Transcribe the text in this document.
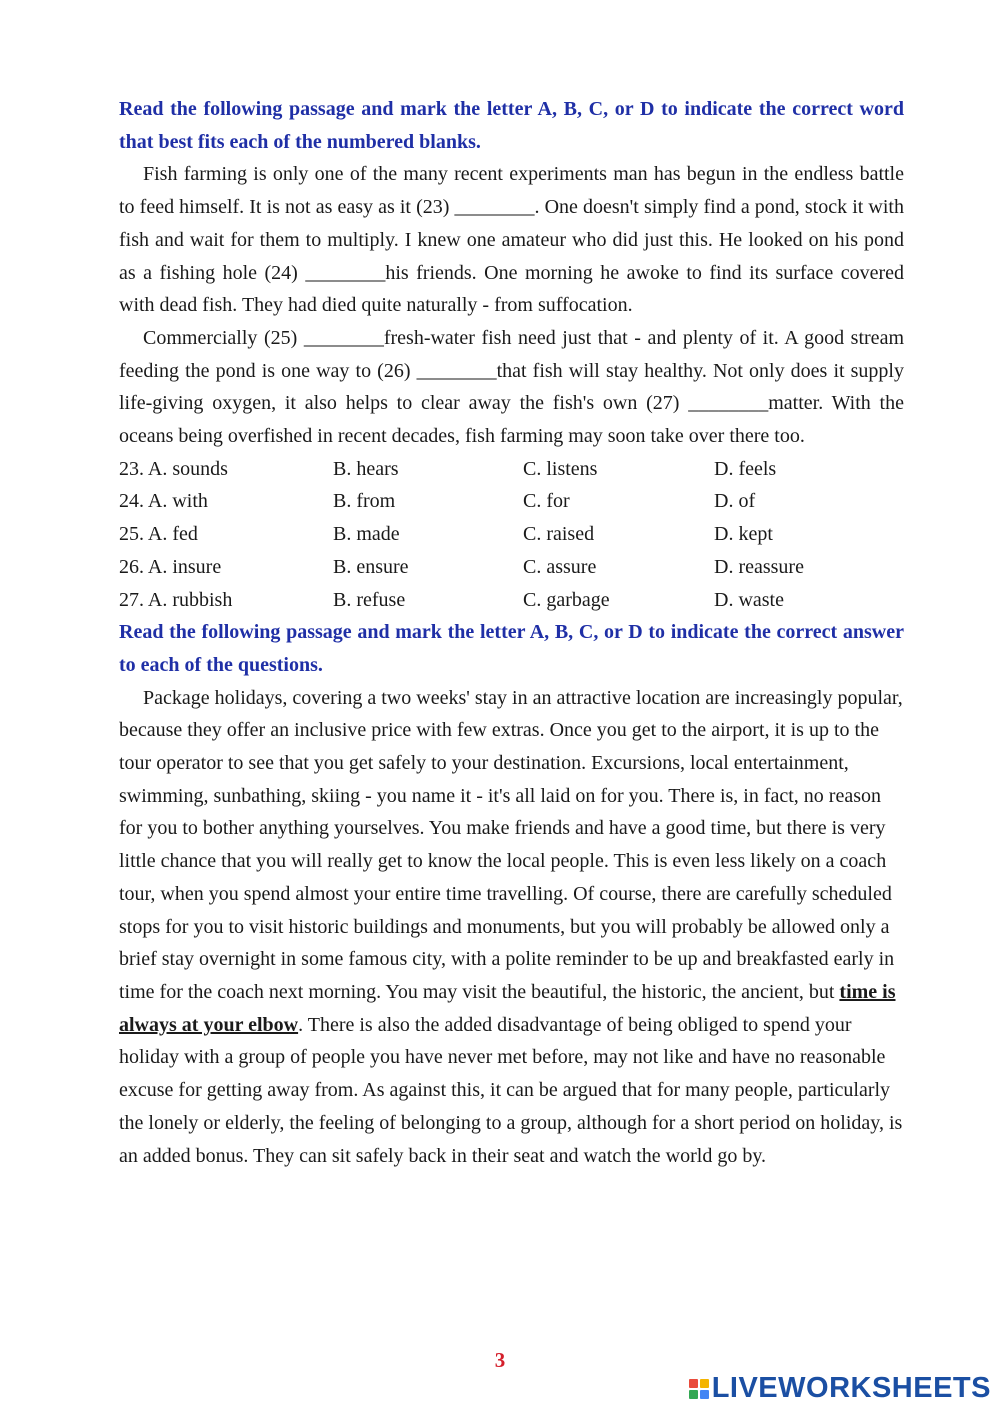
Read the following passage and mark the letter A, B, C, or D to indicate the correct word that best fits each of the numbered blanks.

Fish farming is only one of the many recent experiments man has begun in the endless battle to feed himself. It is not as easy as it (23) ________. One doesn't simply find a pond, stock it with fish and wait for them to multiply. I knew one amateur who did just this. He looked on his pond as a fishing hole (24) ________his friends. One morning he awoke to find its surface covered with dead fish. They had died quite naturally - from suffocation.

Commercially (25) ________fresh-water fish need just that - and plenty of it. A good stream feeding the pond is one way to (26) ________that fish will stay healthy. Not only does it supply life-giving oxygen, it also helps to clear away the fish's own (27) ________matter. With the oceans being overfished in recent decades, fish farming may soon take over there too.

23. A. sounds	B. hears	C. listens	D. feels
24. A. with	B. from	C. for	D. of
25. A. fed	B. made	C. raised	D. kept
26. A. insure	B. ensure	C. assure	D. reassure
27. A. rubbish	B. refuse	C. garbage	D. waste

Read the following passage and mark the letter A, B, C, or D to indicate the correct answer to each of the questions.

Package holidays, covering a two weeks' stay in an attractive location are increasingly popular, because they offer an inclusive price with few extras. Once you get to the airport, it is up to the tour operator to see that you get safely to your destination. Excursions, local entertainment, swimming, sunbathing, skiing - you name it - it's all laid on for you. There is, in fact, no reason for you to bother anything yourselves. You make friends and have a good time, but there is very little chance that you will really get to know the local people. This is even less likely on a coach tour, when you spend almost your entire time travelling. Of course, there are carefully scheduled stops for you to visit historic buildings and monuments, but you will probably be allowed only a brief stay overnight in some famous city, with a polite reminder to be up and breakfasted early in time for the coach next morning. You may visit the beautiful, the historic, the ancient, but time is always at your elbow. There is also the added disadvantage of being obliged to spend your holiday with a group of people you have never met before, may not like and have no reasonable excuse for getting away from. As against this, it can be argued that for many people, particularly the lonely or elderly, the feeling of belonging to a group, although for a short period on holiday, is an added bonus. They can sit safely back in their seat and watch the world go by.

3
LIVEWORKSHEETS
